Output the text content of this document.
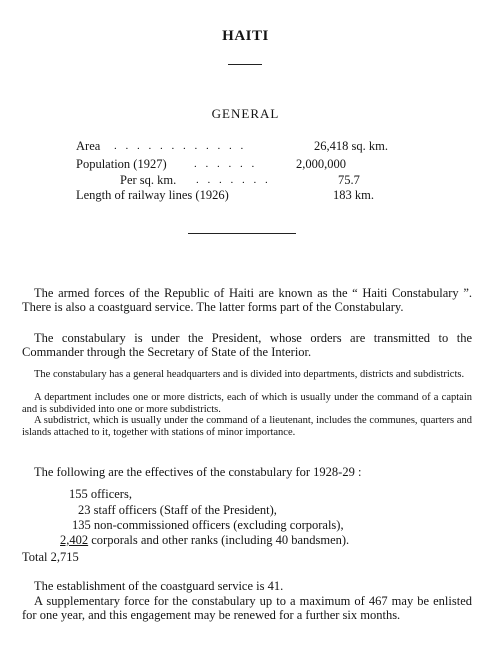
HAITI
GENERAL
Area . . . . . . . . . . . .	26,418 sq. km.
Population (1927) . . . . . .	2,000,000
Per sq. km. . . . . . . .	75.7
Length of railway lines (1926)	183 km.

The armed forces of the Republic of Haiti are known as the “ Haiti Constabulary ”. There is also a coastguard service. The latter forms part of the Constabulary.

The constabulary is under the President, whose orders are transmitted to the Commander through the Secretary of State of the Interior.

The constabulary has a general headquarters and is divided into departments, districts and subdistricts.

A department includes one or more districts, each of which is usually under the command of a captain and is subdivided into one or more subdistricts.

A subdistrict, which is usually under the command of a lieutenant, includes the communes, quarters and islands attached to it, together with stations of minor importance.

The following are the effectives of the constabulary for 1928-29 :

155 officers,
23 staff officers (Staff of the President),
135 non-commissioned officers (excluding corporals),
2,402 corporals and other ranks (including 40 bandsmen).
Total 2,715

The establishment of the coastguard service is 41.

A supplementary force for the constabulary up to a maximum of 467 may be enlisted for one year, and this engagement may be renewed for a further six months.
